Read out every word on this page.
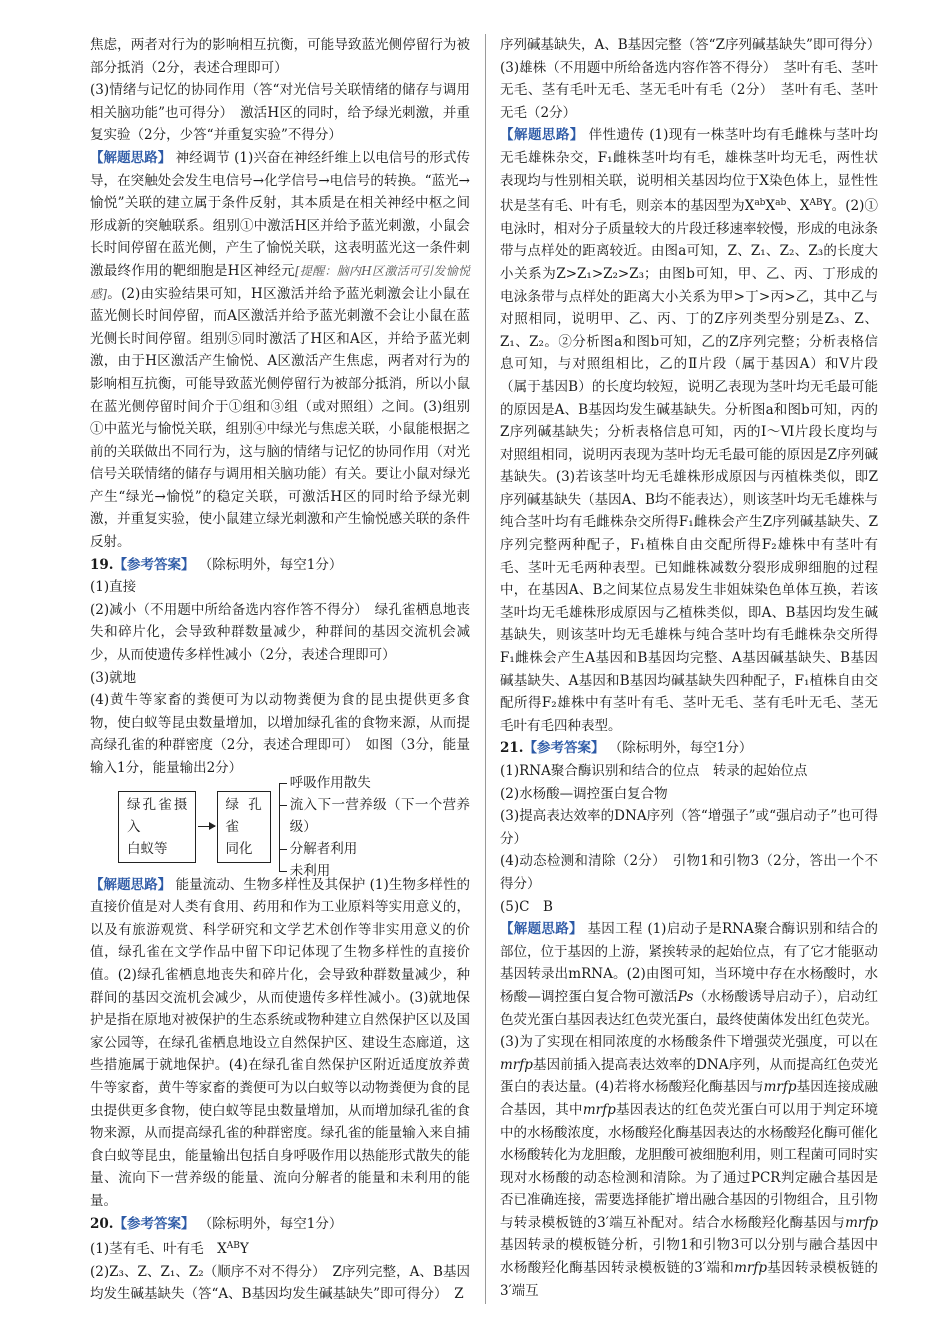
焦虑，两者对行为的影响相互抗衡，可能导致蓝光侧停留行为被部分抵消（2分，表述合理即可）

(3)情绪与记忆的协同作用（答“对光信号关联情绪的储存与调用相关脑功能”也可得分）　激活H区的同时，给予绿光刺激，并重复实验（2分，少答“并重复实验”不得分）

【解题思路】 神经调节 (1)兴奋在神经纤维上以电信号的形式传导，在突触处会发生电信号→化学信号→电信号的转换。“蓝光→愉悦”关联的建立属于条件反射，其本质是在相关神经中枢之间形成新的突触联系。组别①中激活H区并给予蓝光刺激，小鼠会长时间停留在蓝光侧，产生了愉悦关联，这表明蓝光这一条件刺激最终作用的靶细胞是H区神经元[提醒：脑内H区激活可引发愉悦感]。(2)由实验结果可知，H区激活并给予蓝光刺激会让小鼠在蓝光侧长时间停留，而A区激活并给予蓝光刺激不会让小鼠在蓝光侧长时间停留。组别⑤同时激活了H区和A区，并给予蓝光刺激，由于H区激活产生愉悦、A区激活产生焦虑，两者对行为的影响相互抗衡，可能导致蓝光侧停留行为被部分抵消，所以小鼠在蓝光侧停留时间介于①组和③组（或对照组）之间。(3)组别①中蓝光与愉悦关联，组别④中绿光与焦虑关联，小鼠能根据之前的关联做出不同行为，这与脑的情绪与记忆的协同作用（对光信号关联情绪的储存与调用相关脑功能）有关。要让小鼠对绿光产生“绿光→愉悦”的稳定关联，可激活H区的同时给予绿光刺激，并重复实验，使小鼠建立绿光刺激和产生愉悦感关联的条件反射。

19.【参考答案】 （除标明外，每空1分）

(1)直接

(2)减小（不用题中所给备选内容作答不得分）　绿孔雀栖息地丧失和碎片化，会导致种群数量减少，种群间的基因交流机会减少，从而使遗传多样性减小（2分，表述合理即可）

(3)就地

(4)黄牛等家畜的粪便可为以动物粪便为食的昆虫提供更多食物，使白蚁等昆虫数量增加，以增加绿孔雀的食物来源，从而提高绿孔雀的种群密度（2分，表述合理即可）　如图（3分，能量输入1分，能量输出2分）

绿孔雀摄入
白蚁等
绿孔雀
同化
呼吸作用散失
流入下一营养级（下一个营养级）
分解者利用
未利用

【解题思路】 能量流动、生物多样性及其保护 (1)生物多样性的直接价值是对人类有食用、药用和作为工业原料等实用意义的，以及有旅游观赏、科学研究和文学艺术创作等非实用意义的价值，绿孔雀在文学作品中留下印记体现了生物多样性的直接价值。(2)绿孔雀栖息地丧失和碎片化，会导致种群数量减少，种群间的基因交流机会减少，从而使遗传多样性减小。(3)就地保护是指在原地对被保护的生态系统或物种建立自然保护区以及国家公园等，在绿孔雀栖息地设立自然保护区、建设生态廊道，这些措施属于就地保护。(4)在绿孔雀自然保护区附近适度放养黄牛等家畜，黄牛等家畜的粪便可为以白蚁等以动物粪便为食的昆虫提供更多食物，使白蚁等昆虫数量增加，从而增加绿孔雀的食物来源，从而提高绿孔雀的种群密度。绿孔雀的能量输入来自捕食白蚁等昆虫，能量输出包括自身呼吸作用以热能形式散失的能量、流向下一营养级的能量、流向分解者的能量和未利用的能量。

20.【参考答案】 （除标明外，每空1分）

(1)茎有毛、叶有毛　$X^{AB}Y$

(2)Z₃、Z、Z₁、Z₂（顺序不对不得分）　Z序列完整，A、B基因均发生碱基缺失（答“A、B基因均发生碱基缺失”即可得分）　Z

序列碱基缺失，A、B基因完整（答“Z序列碱基缺失”即可得分）

(3)雄株（不用题中所给备选内容作答不得分）　茎叶有毛、茎叶无毛、茎有毛叶无毛、茎无毛叶有毛（2分）　茎叶有毛、茎叶无毛（2分）

【解题思路】 伴性遗传 (1)现有一株茎叶均有毛雌株与茎叶均无毛雄株杂交，F₁雌株茎叶均有毛，雄株茎叶均无毛，两性状表现均与性别相关联，说明相关基因均位于X染色体上，显性性状是茎有毛、叶有毛，则亲本的基因型为$X^{ab}X^{ab}$、$X^{AB}Y$。(2)①电泳时，相对分子质量较大的片段迁移速率较慢，形成的电泳条带与点样处的距离较近。由图a可知，Z、Z₁、Z₂、Z₃的长度大小关系为Z>Z₁>Z₂>Z₃；由图b可知，甲、乙、丙、丁形成的电泳条带与点样处的距离大小关系为甲>丁>丙>乙，其中乙与对照相同，说明甲、乙、丙、丁的Z序列类型分别是Z₃、Z、Z₁、Z₂。②分析图a和图b可知，乙的Z序列完整；分析表格信息可知，与对照组相比，乙的Ⅱ片段（属于基因A）和Ⅴ片段（属于基因B）的长度均较短，说明乙表现为茎叶均无毛最可能的原因是A、B基因均发生碱基缺失。分析图a和图b可知，丙的Z序列碱基缺失；分析表格信息可知，丙的Ⅰ～Ⅵ片段长度均与对照组相同，说明丙表现为茎叶均无毛最可能的原因是Z序列碱基缺失。(3)若该茎叶均无毛雄株形成原因与丙植株类似，即Z序列碱基缺失（基因A、B均不能表达），则该茎叶均无毛雄株与纯合茎叶均有毛雌株杂交所得F₁雌株会产生Z序列碱基缺失、Z序列完整两种配子，F₁植株自由交配所得F₂雄株中有茎叶有毛、茎叶无毛两种表型。已知雌株减数分裂形成卵细胞的过程中，在基因A、B之间某位点易发生非姐妹染色单体互换，若该茎叶均无毛雄株形成原因与乙植株类似，即A、B基因均发生碱基缺失，则该茎叶均无毛雄株与纯合茎叶均有毛雌株杂交所得F₁雌株会产生A基因和B基因均完整、A基因碱基缺失、B基因碱基缺失、A基因和B基因均碱基缺失四种配子，F₁植株自由交配所得F₂雄株中有茎叶有毛、茎叶无毛、茎有毛叶无毛、茎无毛叶有毛四种表型。

21.【参考答案】 （除标明外，每空1分）

(1)RNA聚合酶识别和结合的位点　转录的起始位点

(2)水杨酸—调控蛋白复合物

(3)提高表达效率的DNA序列（答“增强子”或“强启动子”也可得分）

(4)动态检测和清除（2分）　引物1和引物3（2分，答出一个不得分）

(5)C　B

【解题思路】 基因工程 (1)启动子是RNA聚合酶识别和结合的部位，位于基因的上游，紧挨转录的起始位点，有了它才能驱动基因转录出mRNA。(2)由图可知，当环境中存在水杨酸时，水杨酸—调控蛋白复合物可激活Ps（水杨酸诱导启动子），启动红色荧光蛋白基因表达红色荧光蛋白，最终使菌体发出红色荧光。(3)为了实现在相同浓度的水杨酸条件下增强荧光强度，可以在mrfp基因前插入提高表达效率的DNA序列，从而提高红色荧光蛋白的表达量。(4)若将水杨酸羟化酶基因与mrfp基因连接成融合基因，其中mrfp基因表达的红色荧光蛋白可以用于判定环境中的水杨酸浓度，水杨酸羟化酶基因表达的水杨酸羟化酶可催化水杨酸转化为龙胆酸，龙胆酸可被细胞利用，则工程菌可同时实现对水杨酸的动态检测和清除。为了通过PCR判定融合基因是否已准确连接，需要选择能扩增出融合基因的引物组合，且引物与转录模板链的3′端互补配对。结合水杨酸羟化酶基因与mrfp基因转录的模板链分析，引物1和引物3可以分别与融合基因中水杨酸羟化酶基因转录模板链的3′端和mrfp基因转录模板链的3′端互
